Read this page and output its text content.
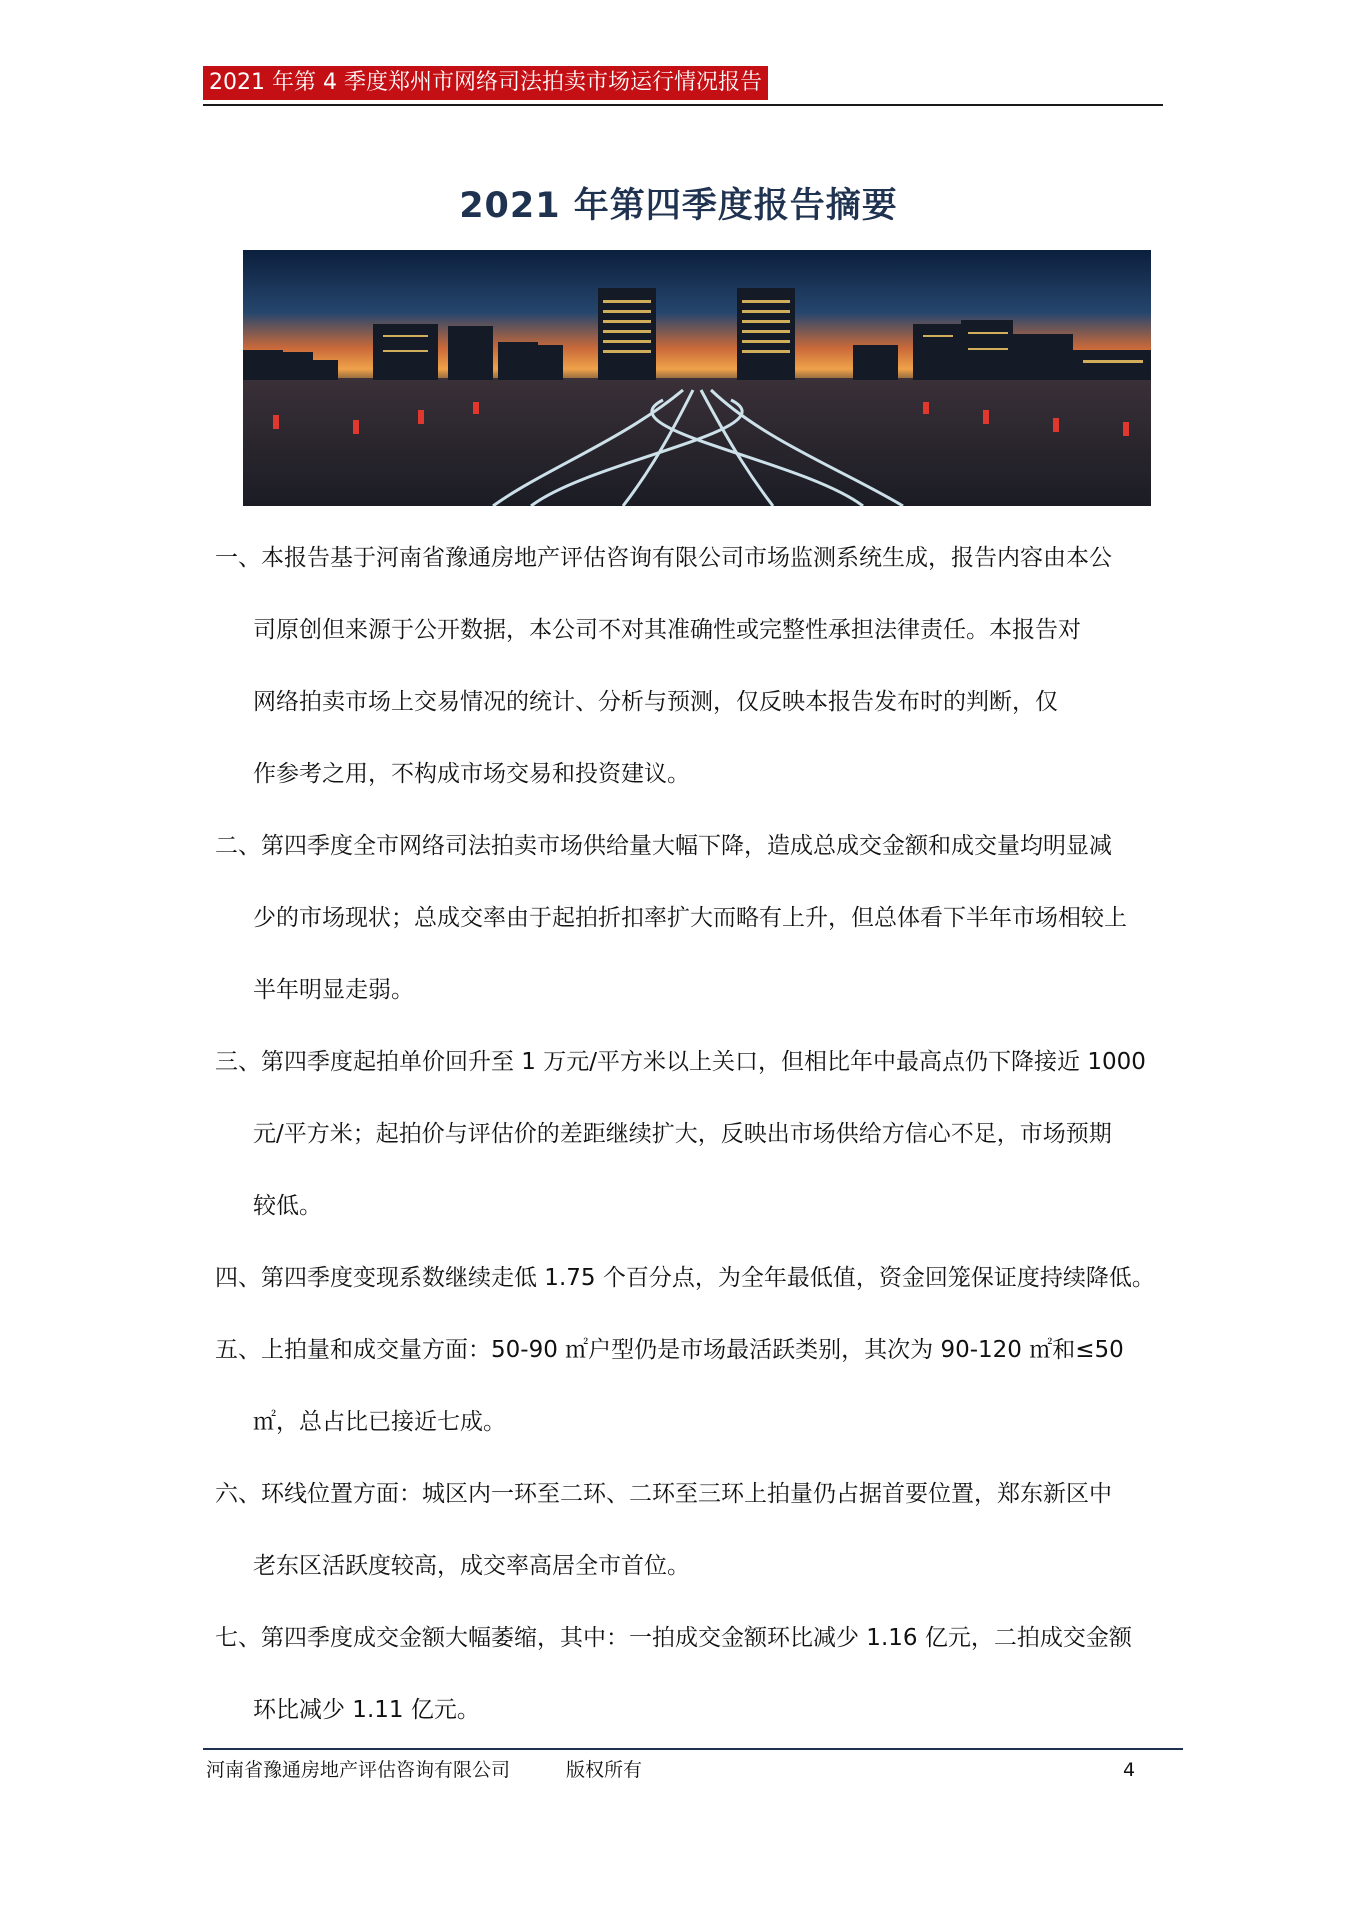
2021 年第 4 季度郑州市网络司法拍卖市场运行情况报告
2021 年第四季度报告摘要
一、本报告基于河南省豫通房地产评估咨询有限公司市场监测系统生成，报告内容由本公
司原创但来源于公开数据，本公司不对其准确性或完整性承担法律责任。本报告对
网络拍卖市场上交易情况的统计、分析与预测，仅反映本报告发布时的判断，仅
作参考之用，不构成市场交易和投资建议。
二、第四季度全市网络司法拍卖市场供给量大幅下降，造成总成交金额和成交量均明显减
少的市场现状；总成交率由于起拍折扣率扩大而略有上升，但总体看下半年市场相较上
半年明显走弱。
三、第四季度起拍单价回升至 1 万元/平方米以上关口，但相比年中最高点仍下降接近 1000
元/平方米；起拍价与评估价的差距继续扩大，反映出市场供给方信心不足，市场预期
较低。
四、第四季度变现系数继续走低 1.75 个百分点，为全年最低值，资金回笼保证度持续降低。
五、上拍量和成交量方面：50-90 ㎡户型仍是市场最活跃类别，其次为 90-120 ㎡和≤50
㎡，总占比已接近七成。
六、环线位置方面：城区内一环至二环、二环至三环上拍量仍占据首要位置，郑东新区中
老东区活跃度较高，成交率高居全市首位。
七、第四季度成交金额大幅萎缩，其中：一拍成交金额环比减少 1.16 亿元，二拍成交金额
环比减少 1.11 亿元。
河南省豫通房地产评估咨询有限公司	版权所有	4
